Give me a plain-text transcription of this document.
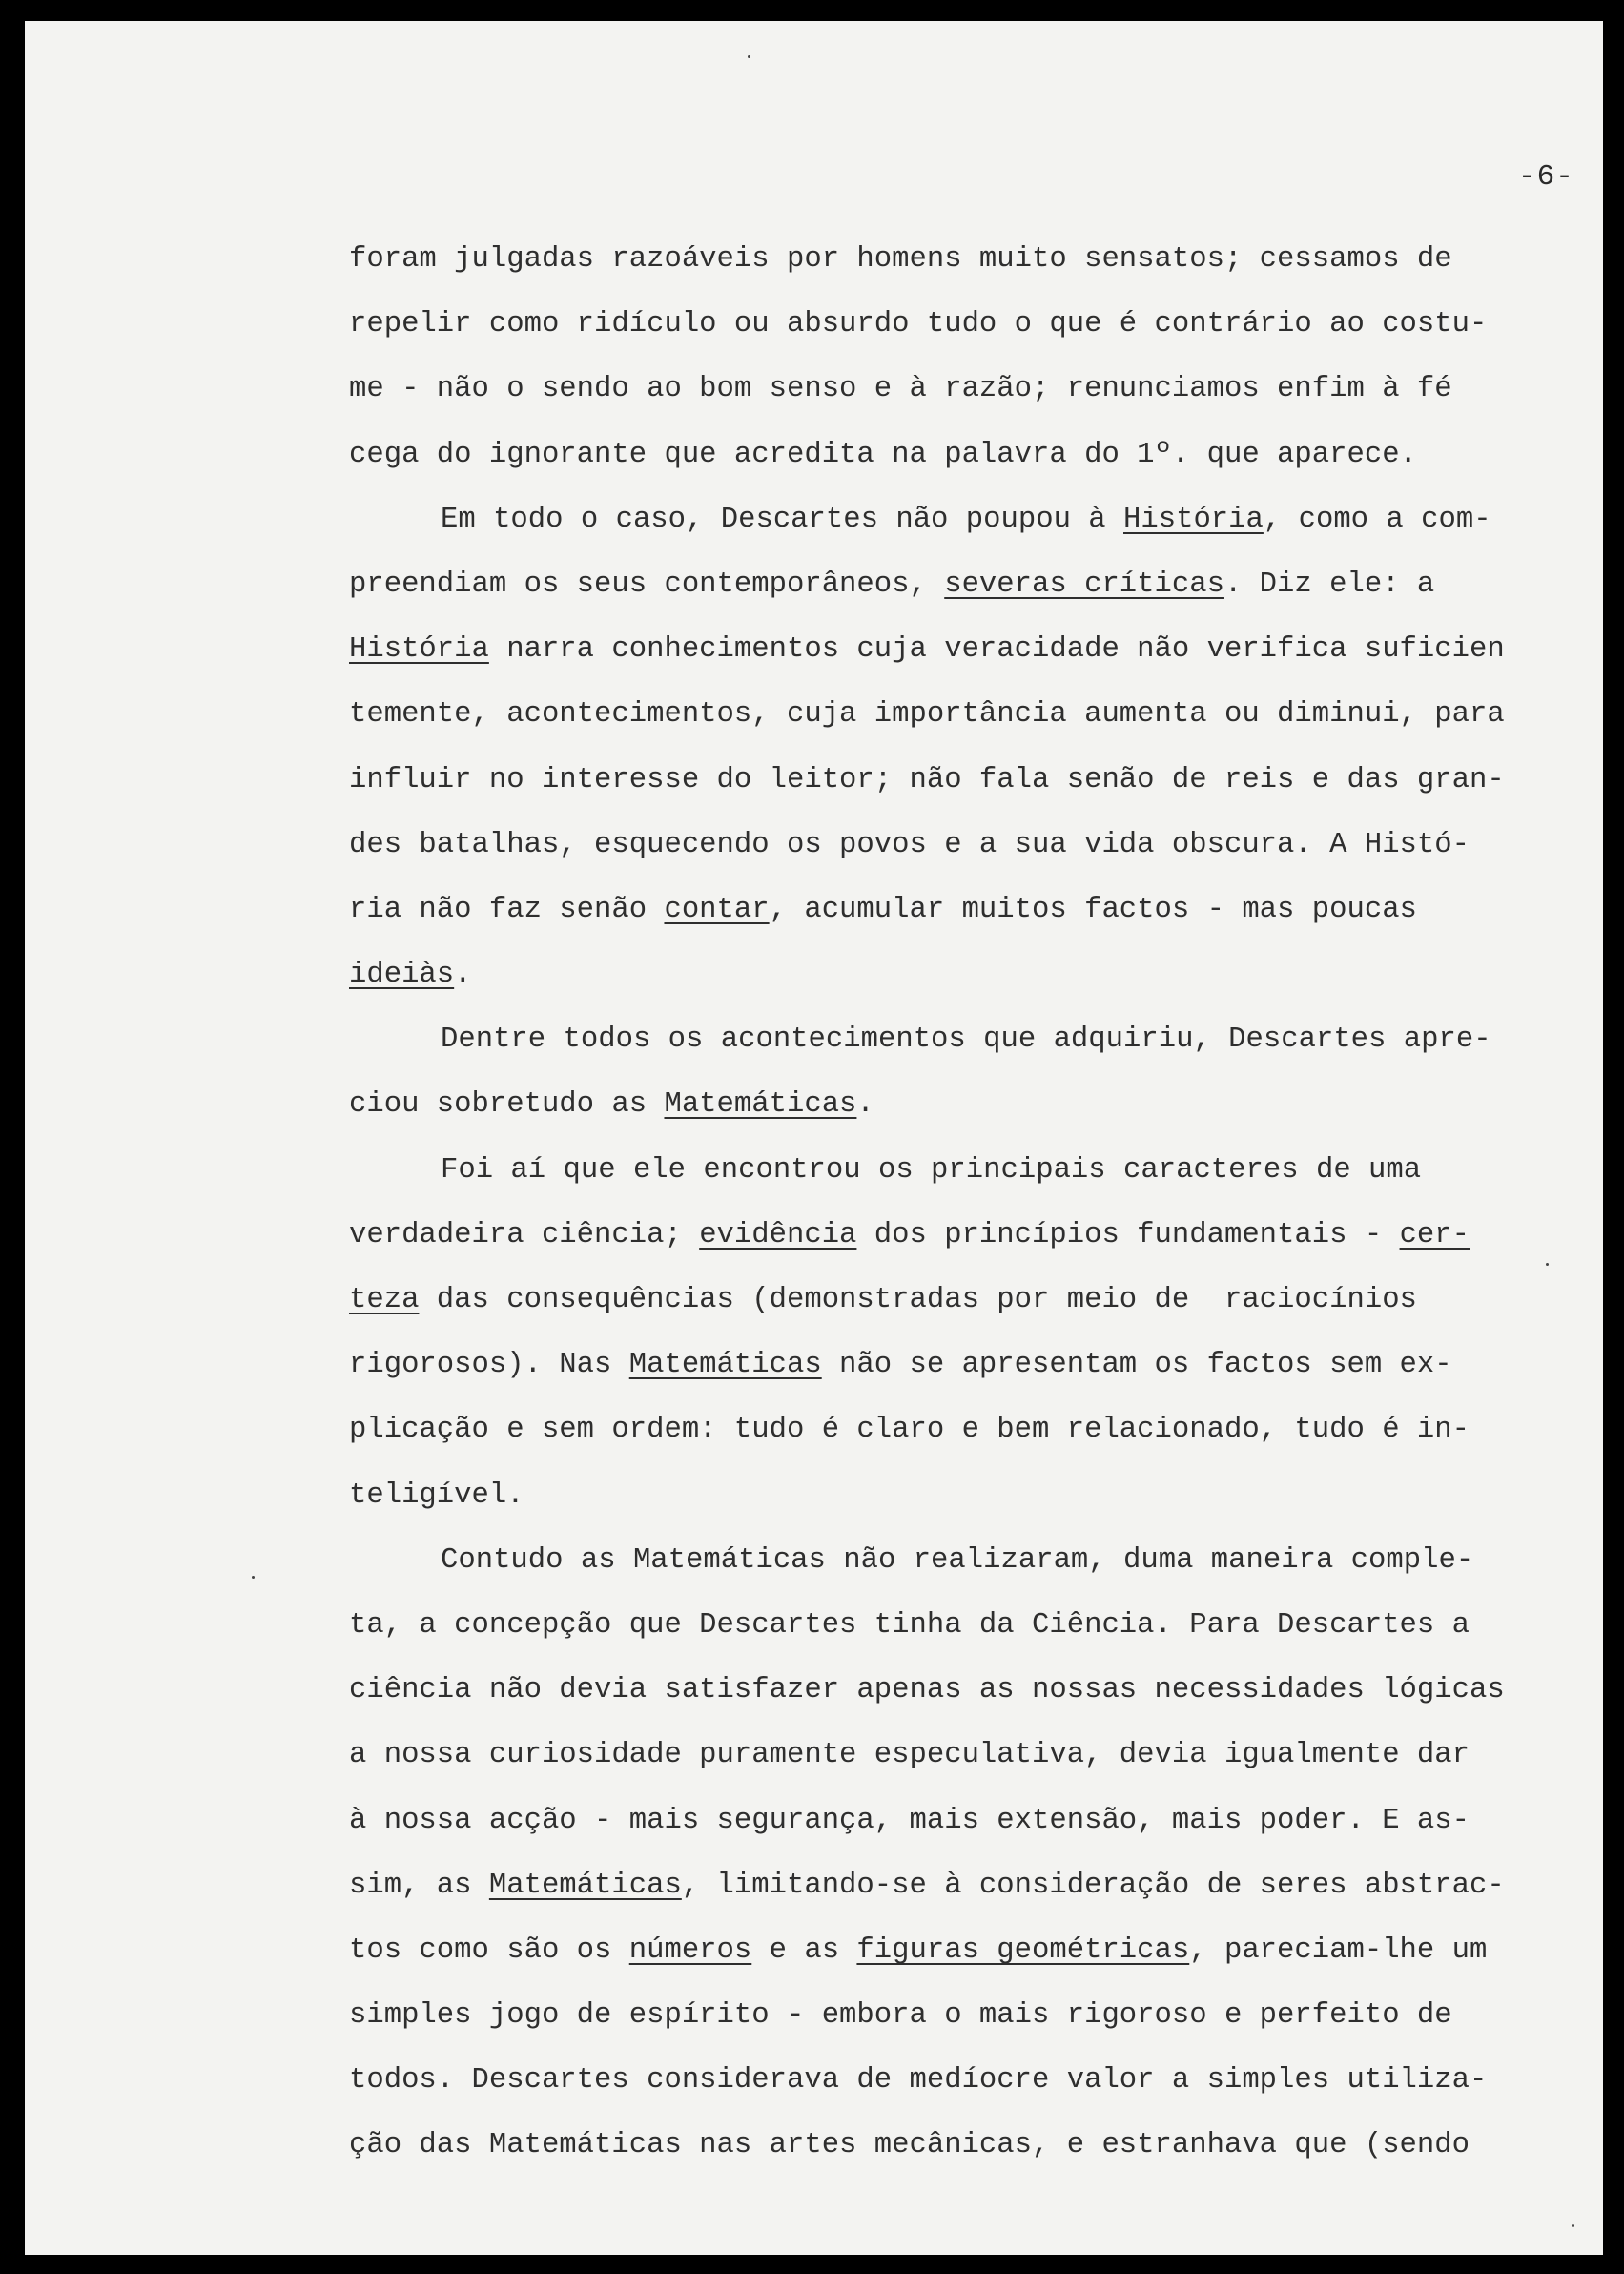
-6-
foram julgadas razoáveis por homens muito sensatos; cessamos de
repelir como ridículo ou absurdo tudo o que é contrário ao costu-
me - não o sendo ao bom senso e à razão; renunciamos enfim à fé
cega do ignorante que acredita na palavra do 1º. que aparece.
Em todo o caso, Descartes não poupou à História, como a com-
preendiam os seus contemporâneos, severas críticas. Diz ele: a
História narra conhecimentos cuja veracidade não verifica suficien
temente, acontecimentos, cuja importância aumenta ou diminui, para
influir no interesse do leitor; não fala senão de reis e das gran-
des batalhas, esquecendo os povos e a sua vida obscura. A Histó-
ria não faz senão contar, acumular muitos factos - mas poucas
ideiàs.
Dentre todos os acontecimentos que adquiriu, Descartes apre-
ciou sobretudo as Matemáticas.
Foi aí que ele encontrou os principais caracteres de uma
verdadeira ciência; evidência dos princípios fundamentais - cer-
teza das consequências (demonstradas por meio de  raciocínios
rigorosos). Nas Matemáticas não se apresentam os factos sem ex-
plicação e sem ordem: tudo é claro e bem relacionado, tudo é in-
teligível.
Contudo as Matemáticas não realizaram, duma maneira comple-
ta, a concepção que Descartes tinha da Ciência. Para Descartes a
ciência não devia satisfazer apenas as nossas necessidades lógicas
a nossa curiosidade puramente especulativa, devia igualmente dar
à nossa acção - mais segurança, mais extensão, mais poder. E as-
sim, as Matemáticas, limitando-se à consideração de seres abstrac-
tos como são os números e as figuras geométricas, pareciam-lhe um
simples jogo de espírito - embora o mais rigoroso e perfeito de
todos. Descartes considerava de medíocre valor a simples utiliza-
ção das Matemáticas nas artes mecânicas, e estranhava que (sendo
